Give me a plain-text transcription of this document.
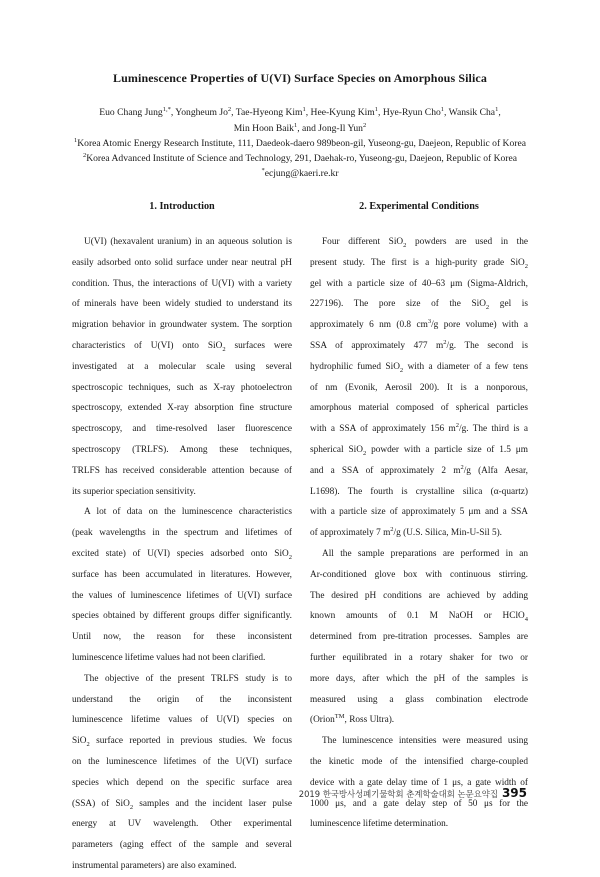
Luminescence Properties of U(VI) Surface Species on Amorphous Silica
Euo Chang Jung$^{1,*}$, Yongheum Jo$^2$, Tae-Hyeong Kim$^1$, Hee-Kyung Kim$^1$, Hye-Ryun Cho$^1$, Wansik Cha$^1$,
Min Hoon Baik$^1$, and Jong-Il Yun$^2$
$^1$Korea Atomic Energy Research Institute, 111, Daedeok-daero 989beon-gil, Yuseong-gu, Daejeon, Republic of Korea
$^2$Korea Advanced Institute of Science and Technology, 291, Daehak-ro, Yuseong-gu, Daejeon, Republic of Korea
*ecjung@kaeri.re.kr
1. Introduction
U(VI) (hexavalent uranium) in an aqueous solution is
easily adsorbed onto solid surface under near neutral pH
condition. Thus, the interactions of U(VI) with a variety
of minerals have been widely studied to understand its
migration behavior in groundwater system. The sorption
characteristics of U(VI) onto SiO$_2$ surfaces were
investigated at a molecular scale using several
spectroscopic techniques, such as X-ray photoelectron
spectroscopy, extended X-ray absorption fine structure
spectroscopy, and time-resolved laser fluorescence
spectroscopy (TRLFS). Among these techniques,
TRLFS has received considerable attention because of
its superior speciation sensitivity.
A lot of data on the luminescence characteristics
(peak wavelengths in the spectrum and lifetimes of
excited state) of U(VI) species adsorbed onto SiO$_2$
surface has been accumulated in literatures. However,
the values of luminescence lifetimes of U(VI) surface
species obtained by different groups differ significantly.
Until now, the reason for these inconsistent
luminescence lifetime values had not been clarified.
The objective of the present TRLFS study is to
understand the origin of the inconsistent
luminescence lifetime values of U(VI) species on
SiO$_2$ surface reported in previous studies. We focus
on the luminescence lifetimes of the U(VI) surface
species which depend on the specific surface area
(SSA) of SiO$_2$ samples and the incident laser pulse
energy at UV wavelength. Other experimental
parameters (aging effect of the sample and several
instrumental parameters) are also examined.
2. Experimental Conditions
Four different SiO$_2$ powders are used in the
present study. The first is a high-purity grade SiO$_2$
gel with a particle size of 40–63 μm (Sigma-Aldrich,
227196). The pore size of the SiO$_2$ gel is
approximately 6 nm (0.8 $cm^3/g$ pore volume) with a
SSA of approximately 477 $m^2/g$. The second is
hydrophilic fumed SiO$_2$ with a diameter of a few tens
of nm (Evonik, Aerosil 200). It is a nonporous,
amorphous material composed of spherical particles
with a SSA of approximately 156 $m^2/g$. The third is a
spherical SiO$_2$ powder with a particle size of 1.5 μm
and a SSA of approximately 2 $m^2/g$ (Alfa Aesar,
L1698). The fourth is crystalline silica (α-quartz)
with a particle size of approximately 5 μm and a SSA
of approximately 7 $m^2/g$ (U.S. Silica, Min-U-Sil 5).
All the sample preparations are performed in an
Ar-conditioned glove box with continuous stirring.
The desired pH conditions are achieved by adding
known amounts of 0.1 M NaOH or HClO$_4$
determined from pre-titration processes. Samples are
further equilibrated in a rotary shaker for two or
more days, after which the pH of the samples is
measured using a glass combination electrode
(Orion™, Ross Ultra).
The luminescence intensities were measured using
the kinetic mode of the intensified charge-coupled
device with a gate delay time of 1 μs, a gate width of
1000 μs, and a gate delay step of 50 μs for the
luminescence lifetime determination.
2019 한국방사성폐기물학회 춘계학술대회 논문요약집 395
